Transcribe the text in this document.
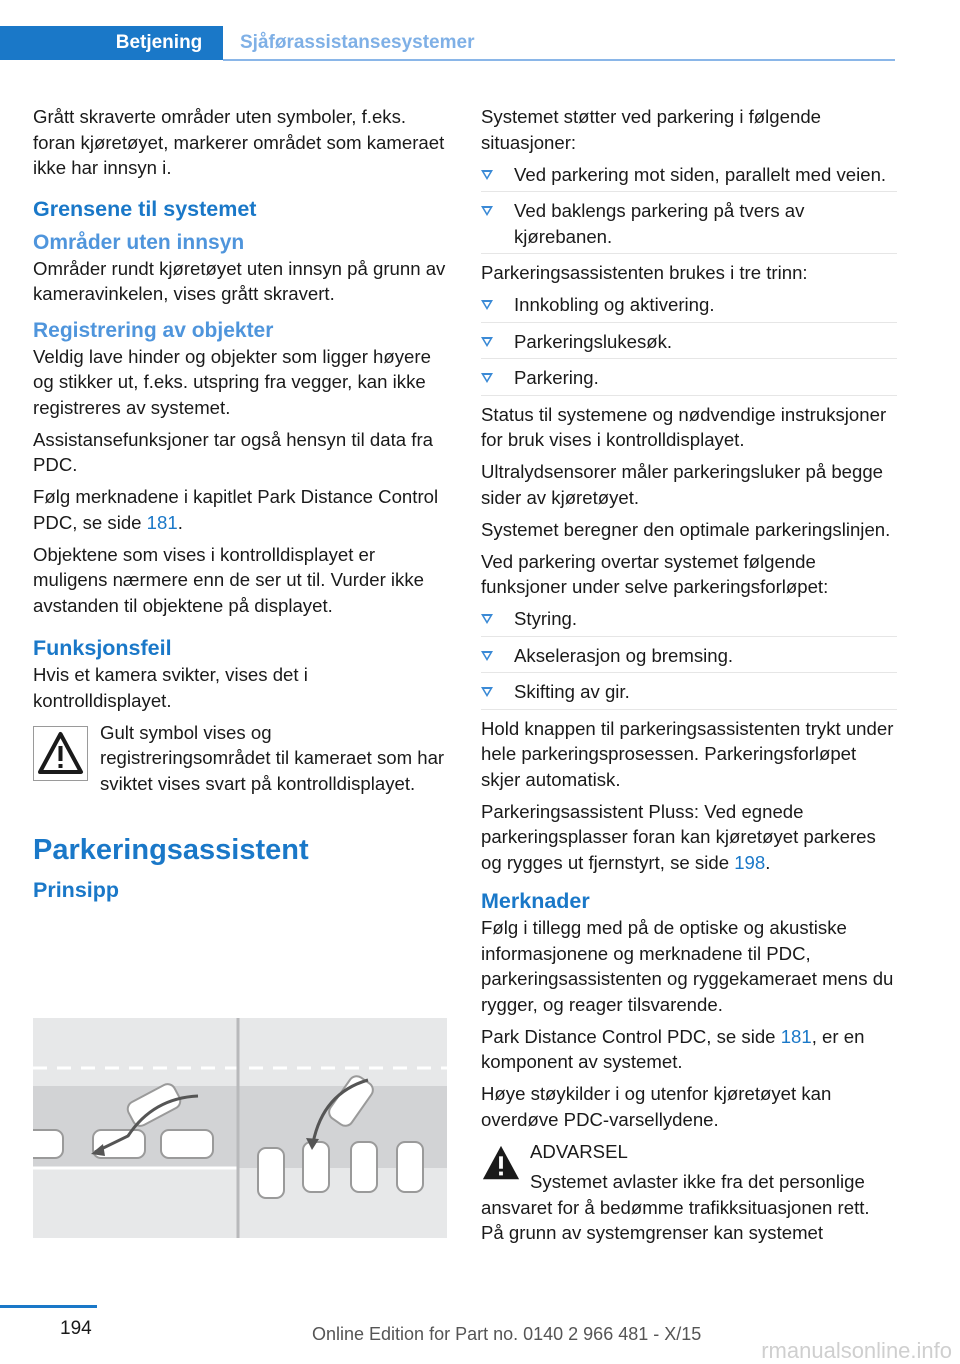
Betjening	Sjåførassistansesystemer

Grått skraverte områder uten symboler, f.eks. foran kjøretøyet, markerer området som kameraet ikke har innsyn i.

Grensene til systemet
Områder uten innsyn

Områder rundt kjøretøyet uten innsyn på grunn av kameravinkelen, vises grått skravert.

Registrering av objekter

Veldig lave hinder og objekter som ligger høyere og stikker ut, f.eks. utspring fra vegger, kan ikke registreres av systemet.

Assistansefunksjoner tar også hensyn til data fra PDC.

Følg merknadene i kapitlet Park Distance Control PDC, se side 181.

Objektene som vises i kontrolldisplayet er muligens nærmere enn de ser ut til. Vurder ikke avstanden til objektene på displayet.

Funksjonsfeil

Hvis et kamera svikter, vises det i kontrolldisplayet.

Gult symbol vises og registreringsområdet til kameraet som har sviktet vises svart på kontrolldisplayet.

Parkeringsassistent
Prinsipp

Systemet støtter ved parkering i følgende situasjoner:

Ved parkering mot siden, parallelt med veien.
Ved baklengs parkering på tvers av kjørebanen.

Parkeringsassistenten brukes i tre trinn:

Innkobling og aktivering.
Parkeringslukesøk.
Parkering.

Status til systemene og nødvendige instruksjoner for bruk vises i kontrolldisplayet.

Ultralydsensorer måler parkeringsluker på begge sider av kjøretøyet.

Systemet beregner den optimale parkeringslinjen.

Ved parkering overtar systemet følgende funksjoner under selve parkeringsforløpet:

Styring.
Akselerasjon og bremsing.
Skifting av gir.

Hold knappen til parkeringsassistenten trykt under hele parkeringsprosessen. Parkeringsforløpet skjer automatisk.

Parkeringsassistent Pluss: Ved egnede parkeringsplasser foran kan kjøretøyet parkeres og rygges ut fjernstyrt, se side 198.

Merknader

Følg i tillegg med på de optiske og akustiske informasjonene og merknadene til PDC, parkeringsassistenten og ryggekameraet mens du rygger, og reager tilsvarende.

Park Distance Control PDC, se side 181, er en komponent av systemet.

Høye støykilder i og utenfor kjøretøyet kan overdøve PDC-varsellydene.

ADVARSEL

Systemet avlaster ikke fra det personlige ansvaret for å bedømme trafikksituasjonen rett. På grunn av systemgrenser kan systemet

194	Online Edition for Part no. 0140 2 966 481 - X/15
rmanualsonline.info
